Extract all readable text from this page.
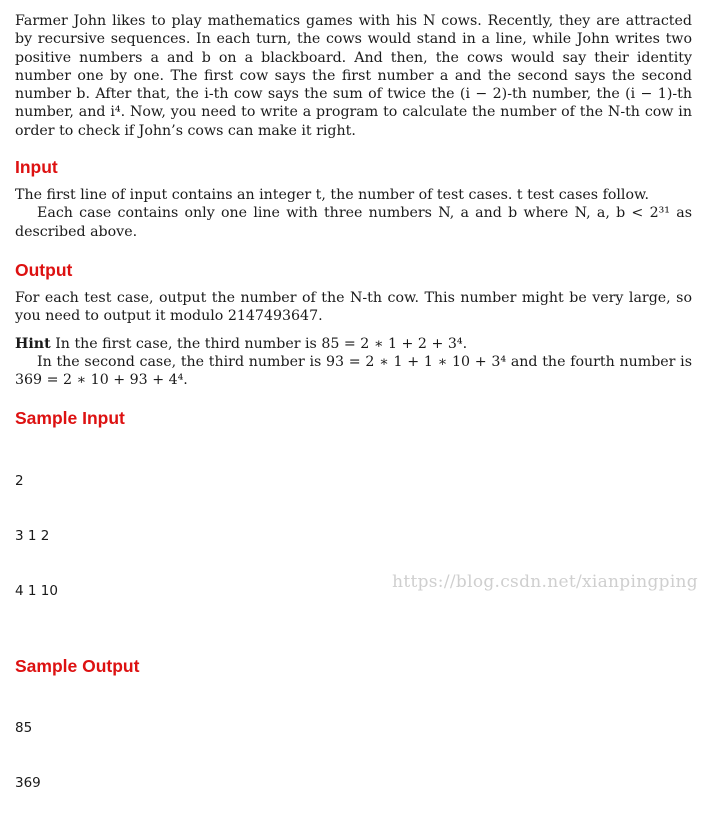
Farmer John likes to play mathematics games with his N cows. Recently, they are attracted by recursive sequences. In each turn, the cows would stand in a line, while John writes two positive numbers a and b on a blackboard. And then, the cows would say their identity number one by one. The first cow says the first number a and the second says the second number b. After that, the i-th cow says the sum of twice the (i − 2)-th number, the (i − 1)-th number, and i⁴. Now, you need to write a program to calculate the number of the N-th cow in order to check if John’s cows can make it right.

Input

The first line of input contains an integer t, the number of test cases. t test cases follow.

Each case contains only one line with three numbers N, a and b where N, a, b < 2³¹ as described above.

Output

For each test case, output the number of the N-th cow. This number might be very large, so you need to output it modulo 2147493647.

Hint In the first case, the third number is 85 = 2 ∗ 1 + 2 + 3⁴.

In the second case, the third number is 93 = 2 ∗ 1 + 1 ∗ 10 + 3⁴ and the fourth number is 369 = 2 ∗ 10 + 93 + 4⁴.

Sample Input

2

3 1 2

4 1 10

Sample Output

85

369

https://blog.csdn.net/xianpingping
